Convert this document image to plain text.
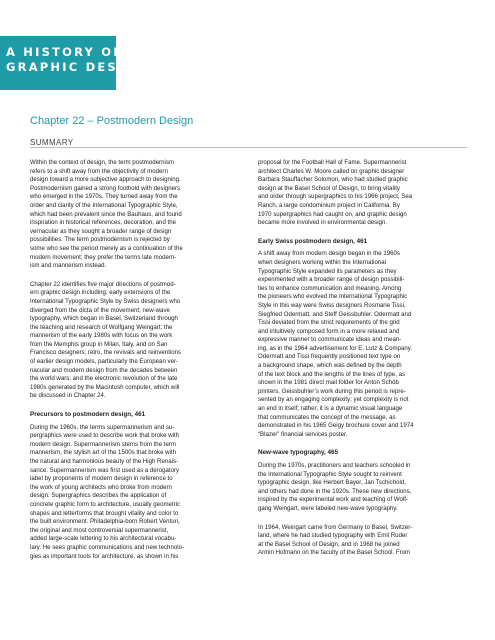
A HISTORY OF
GRAPHIC DESIGN
Chapter 22 – Postmodern Design
SUMMARY

Within the context of design, the term postmodernism
refers to a shift away from the objectivity of modern
design toward a more subjective approach to designing.
Postmodernism gained a strong foothold with designers
who emerged in the 1970s. They turned away from the
order and clarity of the International Typographic Style,
which had been prevalent since the Bauhaus, and found
inspiration in historical references, decoration, and the
vernacular as they sought a broader range of design
possibilities. The term postmodernism is rejected by
some who see the period merely as a continuation of the
modern movement; they prefer the terms late modern-
ism and mannerism instead.

Chapter 22 identifies five major directions of postmod-
ern graphic design including: early extensions of the
International Typographic Style by Swiss designers who
diverged from the dicta of the movement; new-wave
typography, which began in Basel, Switzerland through
the teaching and research of Wolfgang Weingart; the
mannerism of the early 1980s with focus on the work
from the Memphis group in Milan, Italy, and on San
Francisco designers; retro, the revivals and reinventions
of earlier design models, particularly the European ver-
nacular and modern design from the decades between
the world wars; and the electronic revolution of the late
1980s generated by the Macintosh computer, which will
be discussed in Chapter 24.

Precursors to postmodern design, 461

During the 1960s, the terms supermannerism and su-
pergraphics were used to describe work that broke with
modern design. Supermannerism stems from the term
mannerism, the stylish art of the 1500s that broke with
the natural and harmonious beauty of the High Renais-
sance. Supermannerism was first used as a derogatory
label by proponents of modern design in reference to
the work of young architects who broke from modern
design. Supergraphics describes the application of
concrete graphic form to architecture, usually geometric
shapes and letterforms that brought vitality and color to
the built environment. Philadelphia-born Robert Venturi,
the original and most controversial supermannerist,
added large-scale lettering to his architectural vocabu-
lary. He sees graphic communications and new technolo-
gies as important tools for architecture, as shown in his

proposal for the Football Hall of Fame. Supermannerist
architect Charles W. Moore called on graphic designer
Barbara Stauffacher Solomon, who had studied graphic
design at the Basel School of Design, to bring vitality
and order through supergraphics to his 1966 project, Sea
Ranch, a large condominium project in California. By
1970 supergraphics had caught on, and graphic design
became more involved in environmental design.

Early Swiss postmodern design, 461

A shift away from modern design began in the 1960s
when designers working within the International
Typographic Style expanded its parameters as they
experimented with a broader range of design possibili-
ties to enhance communication and meaning. Among
the pioneers who evolved the International Typographic
Style in this way were Swiss designers Rosmarie Tissi,
Siegfried Odermatt, and Steff Geissbuhler. Odermatt and
Tissi deviated from the strict requirements of the grid
and intuitively composed form in a more relaxed and
expressive manner to communicate ideas and mean-
ing, as in the 1964 advertisement for E. Lutz & Company.
Odermatt and Tissi frequently positioned text type on
a background shape, which was defined by the depth
of the text block and the lengths of the lines of type, as
shown in the 1981 direct mail folder for Anton Schöb
printers. Geissbuhler’s work during this period is repre-
sented by an engaging complexity; yet complexity is not
an end in itself; rather, it is a dynamic visual language
that communicates the concept of the message, as
demonstrated in his 1965 Geigy brochure cover and 1974
“Blazer” financial services poster.

New-wave typography, 465

During the 1970s, practitioners and teachers schooled in
the International Typographic Style sought to reinvent
typographic design, like Herbert Bayer, Jan Tschichold,
and others had done in the 1920s. These new directions,
inspired by the experimental work and teaching of Wolf-
gang Weingart, were labeled new-wave typography.

In 1964, Weingart came from Germany to Basel, Switzer-
land, where he had studied typography with Emil Ruder
at the Basel School of Design, and in 1968 he joined
Armin Hofmann on the faculty of the Basel School. From
